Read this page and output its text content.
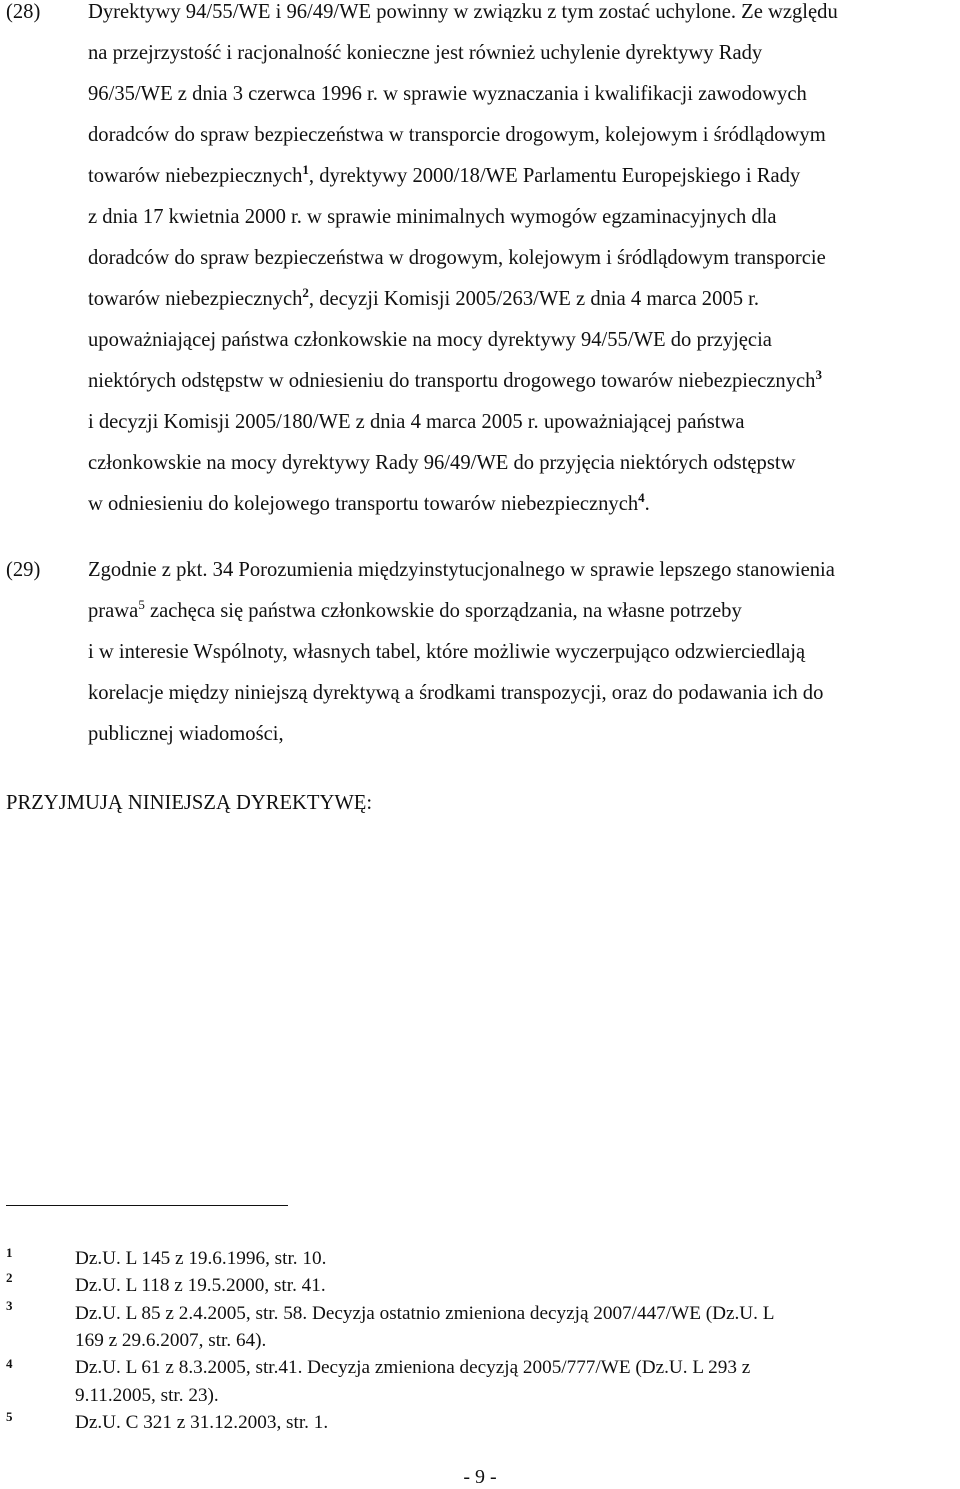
(28) Dyrektywy 94/55/WE i 96/49/WE powinny w związku z tym zostać uchylone. Ze względu
na przejrzystość i racjonalność konieczne jest również uchylenie dyrektywy Rady
96/35/WE z dnia 3 czerwca 1996 r. w sprawie wyznaczania i kwalifikacji zawodowych
doradców do spraw bezpieczeństwa w transporcie drogowym, kolejowym i śródlądowym
towarów niebezpiecznych$^1$, dyrektywy 2000/18/WE Parlamentu Europejskiego i Rady
z dnia 17 kwietnia 2000 r. w sprawie minimalnych wymogów egzaminacyjnych dla
doradców do spraw bezpieczeństwa w drogowym, kolejowym i śródlądowym transporcie
towarów niebezpiecznych$^2$, decyzji Komisji 2005/263/WE z dnia 4 marca 2005 r.
upoważniającej państwa członkowskie na mocy dyrektywy 94/55/WE do przyjęcia
niektórych odstępstw w odniesieniu do transportu drogowego towarów niebezpiecznych$^3$
i decyzji Komisji 2005/180/WE z dnia 4 marca 2005 r. upoważniającej państwa
członkowskie na mocy dyrektywy Rady 96/49/WE do przyjęcia niektórych odstępstw
w odniesieniu do kolejowego transportu towarów niebezpiecznych$^4$.
(29) Zgodnie z pkt. 34 Porozumienia międzyinstytucjonalnego w sprawie lepszego stanowienia
prawa$^5$ zachęca się państwa członkowskie do sporządzania, na własne potrzeby
i w interesie Wspólnoty, własnych tabel, które możliwie wyczerpująco odzwierciedlają
korelacje między niniejszą dyrektywą a środkami transpozycji, oraz do podawania ich do
publicznej wiadomości,
PRZYJMUJĄ NINIEJSZĄ DYREKTYWĘ:
1	Dz.U. L 145 z 19.6.1996, str. 10.
2	Dz.U. L 118 z 19.5.2000, str. 41.
3	Dz.U. L 85 z 2.4.2005, str. 58. Decyzja ostatnio zmieniona decyzją 2007/447/WE (Dz.U. L
169 z 29.6.2007, str. 64).
4	Dz.U. L 61 z 8.3.2005, str.41. Decyzja zmieniona decyzją 2005/777/WE (Dz.U. L 293 z
9.11.2005, str. 23).
5	Dz.U. C 321 z 31.12.2003, str. 1.
- 9 -
